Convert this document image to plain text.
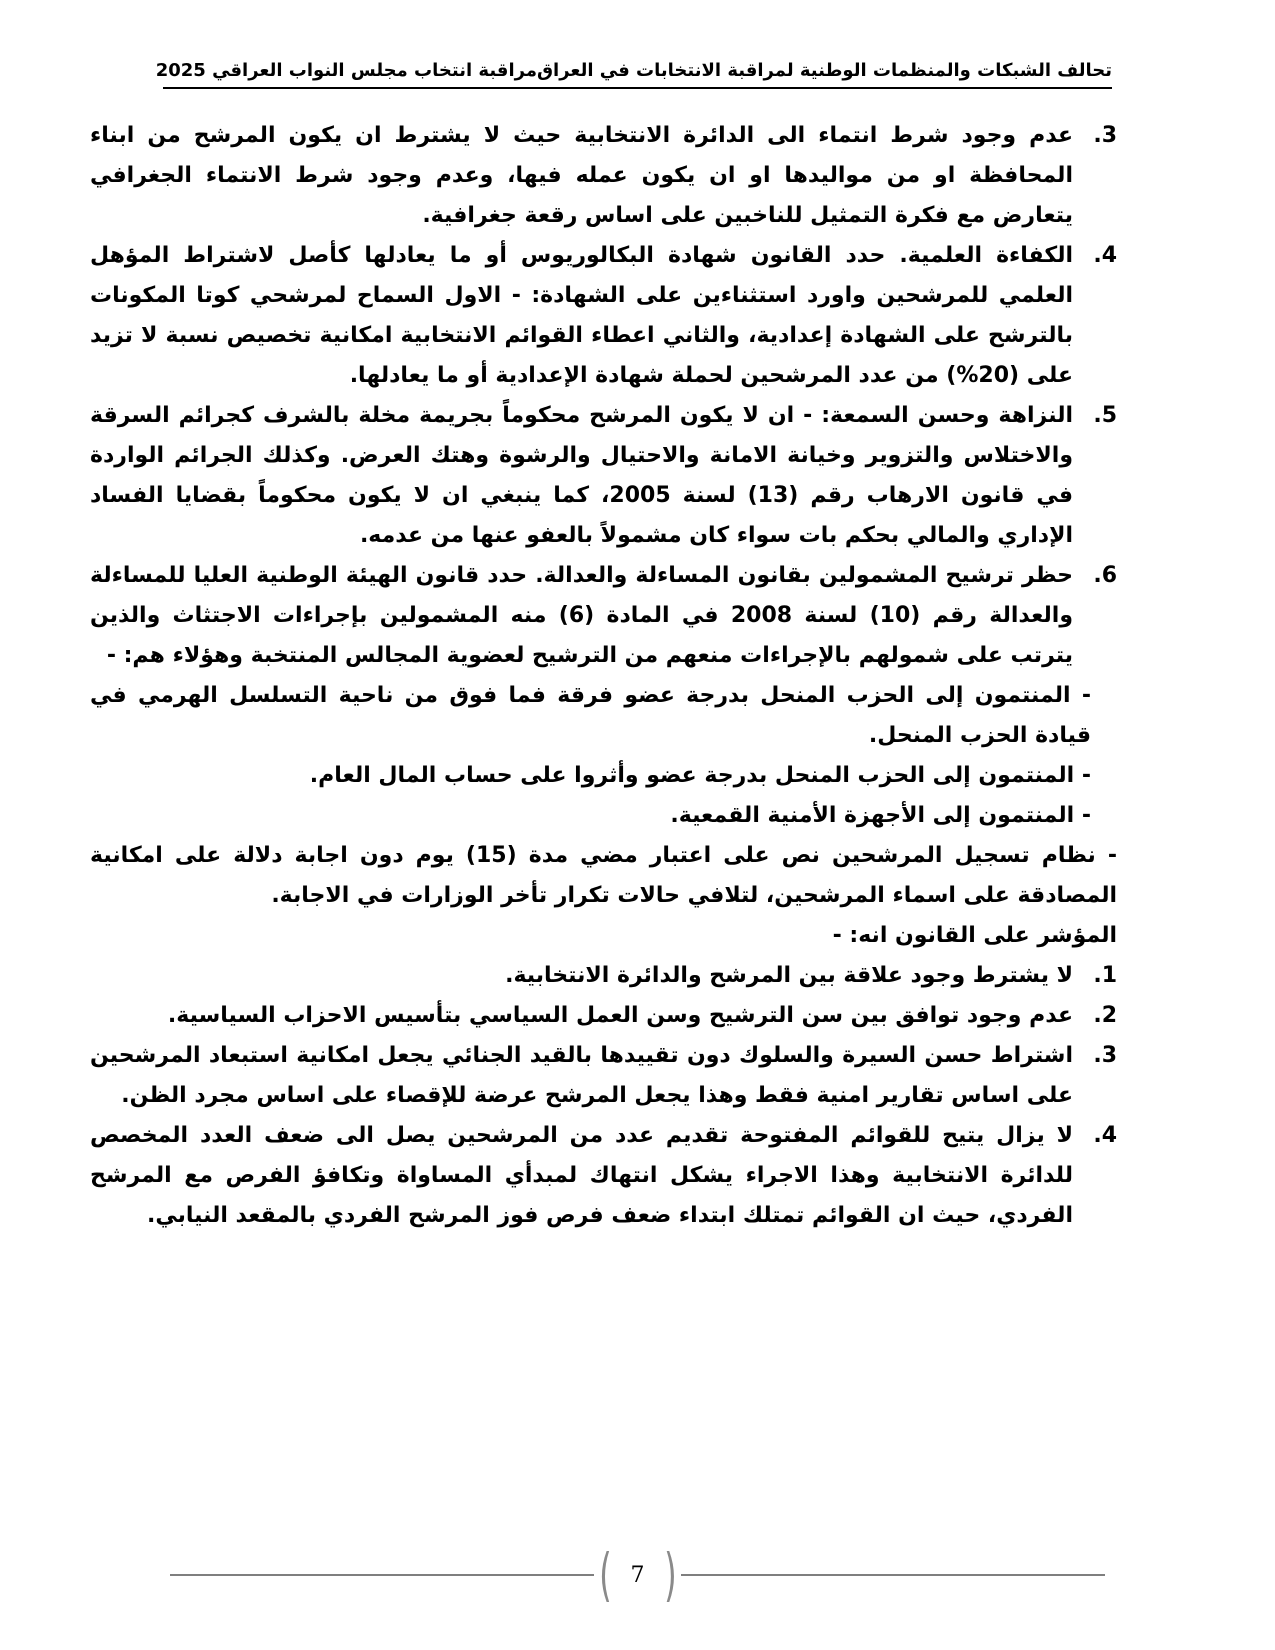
تحالف الشبكات والمنظمات الوطنية لمراقبة الانتخابات في العراق
مراقبة انتخاب مجلس النواب العراقي 2025
3.
عدم وجود شرط انتماء الى الدائرة الانتخابية حيث لا يشترط ان يكون المرشح من ابناء المحافظة او من مواليدها او ان يكون عمله فيها، وعدم وجود شرط الانتماء الجغرافي يتعارض مع فكرة التمثيل للناخبين على اساس رقعة جغرافية.
4.
الكفاءة العلمية. حدد القانون شهادة البكالوريوس أو ما يعادلها كأصل لاشتراط المؤهل العلمي للمرشحين واورد استثناءين على الشهادة: - الاول السماح لمرشحي كوتا المكونات بالترشح على الشهادة إعدادية، والثاني اعطاء القوائم الانتخابية امكانية تخصيص نسبة لا تزيد على (20%) من عدد المرشحين لحملة شهادة الإعدادية أو ما يعادلها.
5.
النزاهة وحسن السمعة: - ان لا يكون المرشح محكوماً بجريمة مخلة بالشرف كجرائم السرقة والاختلاس والتزوير وخيانة الامانة والاحتيال والرشوة وهتك العرض. وكذلك الجرائم الواردة في قانون الارهاب رقم (13) لسنة 2005، كما ينبغي ان لا يكون محكوماً بقضايا الفساد الإداري والمالي بحكم بات سواء كان مشمولاً بالعفو عنها من عدمه.
6.
حظر ترشيح المشمولين بقانون المساءلة والعدالة. حدد قانون الهيئة الوطنية العليا للمساءلة والعدالة رقم (10) لسنة 2008 في المادة (6) منه المشمولين بإجراءات الاجتثاث والذين يترتب على شمولهم بالإجراءات منعهم من الترشيح لعضوية المجالس المنتخبة وهؤلاء هم: -
- المنتمون إلى الحزب المنحل بدرجة عضو فرقة فما فوق من ناحية التسلسل الهرمي في قيادة الحزب المنحل.
- المنتمون إلى الحزب المنحل بدرجة عضو وأثروا على حساب المال العام.
- المنتمون إلى الأجهزة الأمنية القمعية.
- نظام تسجيل المرشحين نص على اعتبار مضي مدة (15) يوم دون اجابة دلالة على امكانية المصادقة على اسماء المرشحين، لتلافي حالات تكرار تأخر الوزارات في الاجابة.
المؤشر على القانون انه: -
1.
لا يشترط وجود علاقة بين المرشح والدائرة الانتخابية.
2.
عدم وجود توافق بين سن الترشيح وسن العمل السياسي بتأسيس الاحزاب السياسية.
3.
اشتراط حسن السيرة والسلوك دون تقييدها بالقيد الجنائي يجعل امكانية استبعاد المرشحين على اساس تقارير امنية فقط وهذا يجعل المرشح عرضة للإقصاء على اساس مجرد الظن.
4.
لا يزال يتيح للقوائم المفتوحة تقديم عدد من المرشحين يصل الى ضعف العدد المخصص للدائرة الانتخابية وهذا الاجراء يشكل انتهاك لمبدأي المساواة وتكافؤ الفرص مع المرشح الفردي، حيث ان القوائم تمتلك ابتداء ضعف فرص فوز المرشح الفردي بالمقعد النيابي.
( 7 )
